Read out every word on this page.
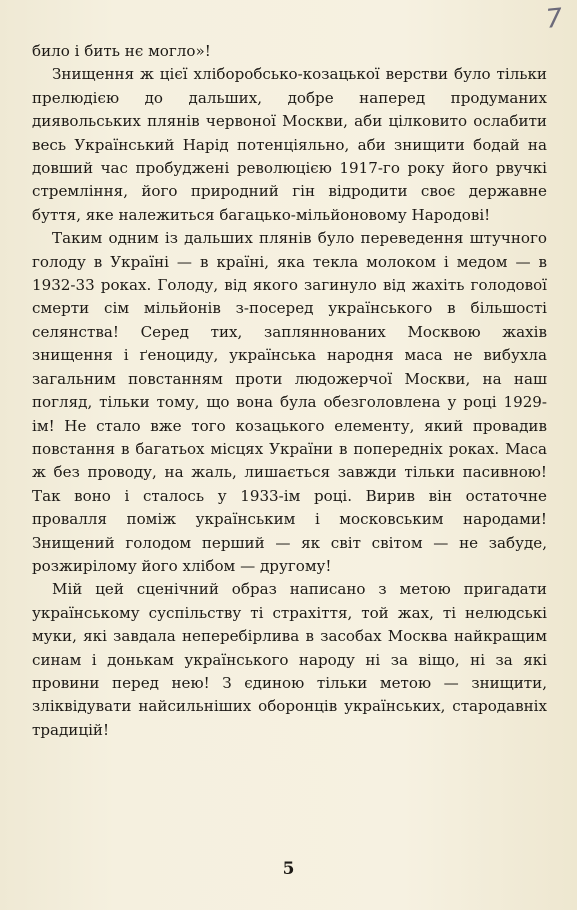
7

било і бить нє могло»!

Знищення ж цієї хліборобсько-козацької верстви було тільки прелюдією до дальших, добре наперед продуманих диявольських плянів червоної Москви, аби цілковито ослабити весь Український Нарід потенціяльно, аби знищити бодай на довший час пробуджені революцією 1917-го року його рвучкі стремління, його природний гін відродити своє державне буття, яке належиться багацько-мільйоновому Народові!

Таким одним із дальших плянів було переведення штучного голоду в Україні — в країні, яка текла молоком і медом — в 1932-33 роках. Голоду, від якого загинуло від жахіть голодової смерти сім мільйонів з-посеред українського в більшості селянства! Серед тих, запляннованих Москвою жахів знищення і ґеноциду, українська народня маса не вибухла загальним повстанням проти людожерчої Москви, на наш погляд, тільки тому, що вона була обезголовлена у році 1929-ім! Не стало вже того козацького елементу, який провадив повстання в багатьох місцях України в попередніх роках. Маса ж без проводу, на жаль, лишається завжди тільки пасивною! Так воно і сталось у 1933-ім році. Вирив він остаточне провалля поміж українським і московським народами! Знищений голодом перший — як світ світом — не забуде, розжирілому його хлібом — другому!

Мій цей сценічний образ написано з метою пригадати українському суспільству ті страхіття, той жах, ті нелюдські муки, які завдала неперебірлива в засобах Москва найкращим синам і донькам українського народу ні за віщо, ні за які провини перед нею! З єдиною тільки метою — знищити, зліквідувати найсильніших оборонців українських, стародавніх традицій!

5
